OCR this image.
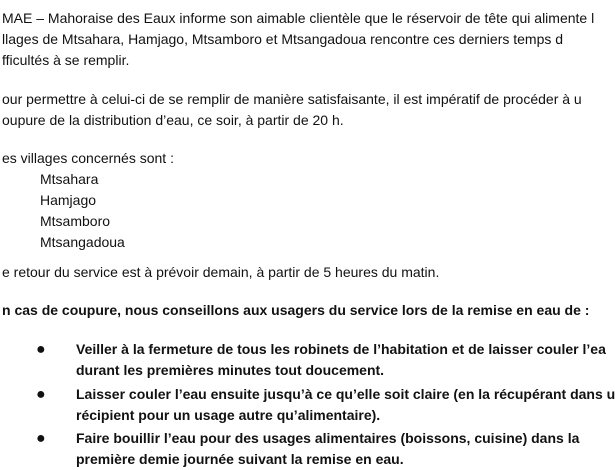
MAE – Mahoraise des Eaux informe son aimable clientèle que le réservoir de tête qui alimente l

llages de Mtsahara, Hamjago, Mtsamboro et Mtsangadoua rencontre ces derniers temps d

fficultés à se remplir.

our permettre à celui-ci de se remplir de manière satisfaisante, il est impératif de procéder à u

oupure de la distribution d’eau, ce soir, à partir de 20 h.

es villages concernés sont :

Mtsahara

Hamjago

Mtsamboro

Mtsangadoua

e retour du service est à prévoir demain, à partir de 5 heures du matin.

n cas de coupure, nous conseillons aux usagers du service lors de la remise en eau de :

● Veiller à la fermeture de tous les robinets de l’habitation et de laisser couler l’ea

durant les premières minutes tout doucement.

● Laisser couler l’eau ensuite jusqu’à ce qu’elle soit claire (en la récupérant dans u

récipient pour un usage autre qu’alimentaire).

● Faire bouillir l’eau pour des usages alimentaires (boissons, cuisine) dans la

première demie journée suivant la remise en eau.
